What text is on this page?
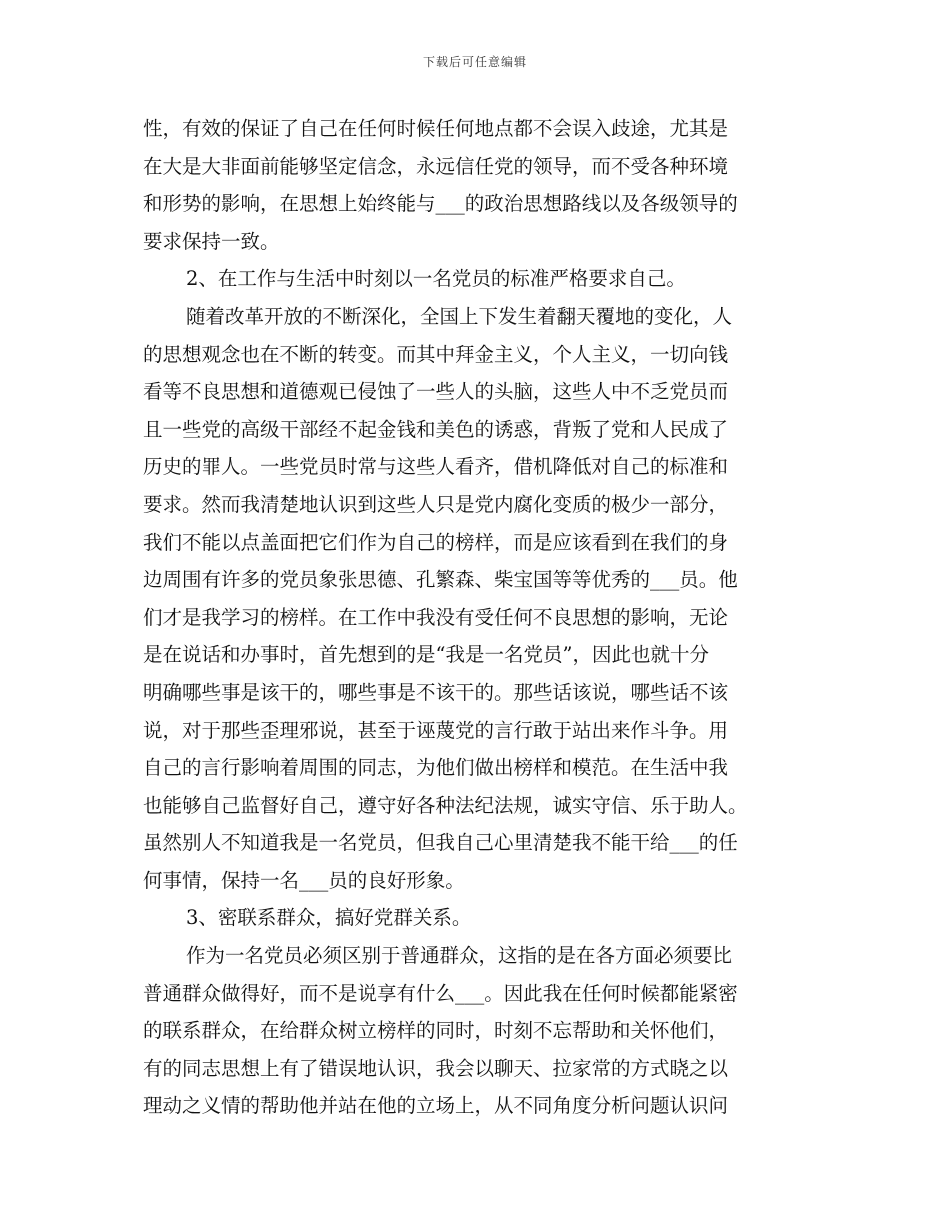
下载后可任意编辑
性，有效的保证了自己在任何时候任何地点都不会误入歧途，尤其是
在大是大非面前能够坚定信念，永远信任党的领导，而不受各种环境
和形势的影响，在思想上始终能与___的政治思想路线以及各级领导的
要求保持一致。
2、在工作与生活中时刻以一名党员的标准严格要求自己。
随着改革开放的不断深化，全国上下发生着翻天覆地的变化，人
的思想观念也在不断的转变。而其中拜金主义，个人主义，一切向钱
看等不良思想和道德观已侵蚀了一些人的头脑，这些人中不乏党员而
且一些党的高级干部经不起金钱和美色的诱惑，背叛了党和人民成了
历史的罪人。一些党员时常与这些人看齐，借机降低对自己的标准和
要求。然而我清楚地认识到这些人只是党内腐化变质的极少一部分，
我们不能以点盖面把它们作为自己的榜样，而是应该看到在我们的身
边周围有许多的党员象张思德、孔繁森、柴宝国等等优秀的___员。他
们才是我学习的榜样。在工作中我没有受任何不良思想的影响，无论
是在说话和办事时，首先想到的是“我是一名党员”，因此也就十分
明确哪些事是该干的，哪些事是不该干的。那些话该说，哪些话不该
说，对于那些歪理邪说，甚至于诬蔑党的言行敢于站出来作斗争。用
自己的言行影响着周围的同志，为他们做出榜样和模范。在生活中我
也能够自己监督好自己，遵守好各种法纪法规，诚实守信、乐于助人。
虽然别人不知道我是一名党员，但我自己心里清楚我不能干给___的任
何事情，保持一名___员的良好形象。
3、密联系群众，搞好党群关系。
作为一名党员必须区别于普通群众，这指的是在各方面必须要比
普通群众做得好，而不是说享有什么___。因此我在任何时候都能紧密
的联系群众，在给群众树立榜样的同时，时刻不忘帮助和关怀他们，
有的同志思想上有了错误地认识，我会以聊天、拉家常的方式晓之以
理动之义情的帮助他并站在他的立场上，从不同角度分析问题认识问
